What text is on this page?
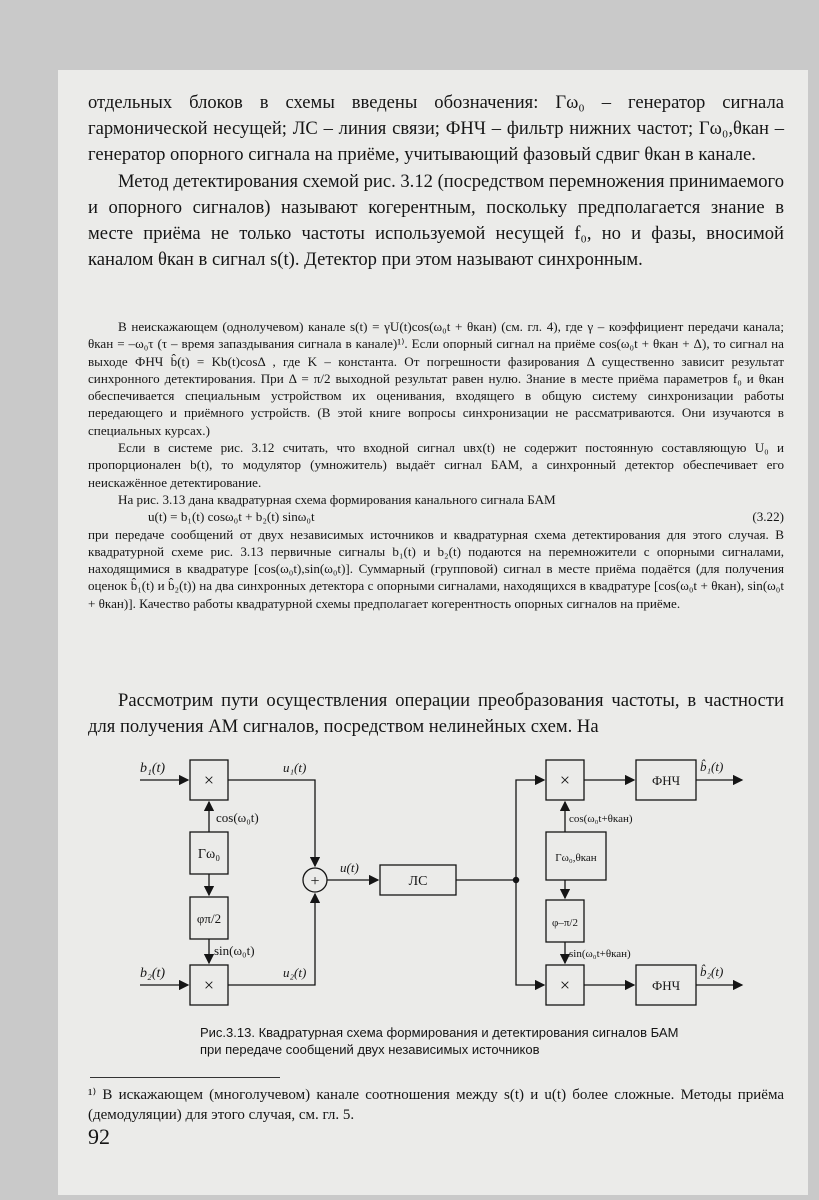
отдельных блоков в схемы введены обозначения: Гω₀ – генератор сигнала гармонической несущей; ЛС – линия связи; ФНЧ – фильтр нижних частот; Гω₀,θкан – генератор опорного сигнала на приёме, учитывающий фазовый сдвиг θкан в канале.

Метод детектирования схемой рис. 3.12 (посредством перемножения принимаемого и опорного сигналов) называют когерентным, поскольку предполагается знание в месте приёма не только частоты используемой несущей f₀, но и фазы, вносимой каналом θкан в сигнал s(t). Детектор при этом называют синхронным.

В неискажающем (однолучевом) канале s(t) = γU(t)cos(ω₀t + θкан) (см. гл. 4), где γ – коэффициент передачи канала; θкан = –ω₀τ (τ – время запаздывания сигнала в канале)¹⁾. Если опорный сигнал на приёме cos(ω₀t + θкан + Δ), то сигнал на выходе ФНЧ b̂(t) = Kb(t)cosΔ , где K – константа. От погрешности фазирования Δ существенно зависит результат синхронного детектирования. При Δ = π/2 выходной результат равен нулю. Знание в месте приёма параметров f₀ и θкан обеспечивается специальным устройством их оценивания, входящего в общую систему синхронизации работы передающего и приёмного устройств. (В этой книге вопросы синхронизации не рассматриваются. Они изучаются в специальных курсах.)

Если в системе рис. 3.12 считать, что входной сигнал uвх(t) не содержит постоянную составляющую U₀ и пропорционален b(t), то модулятор (умножитель) выдаёт сигнал БАМ, а синхронный детектор обеспечивает его неискажённое детектирование.

На рис. 3.13 дана квадратурная схема формирования канального сигнала БАМ

u(t) = b₁(t) cosω₀t + b₂(t) sinω₀t	(3.22)

при передаче сообщений от двух независимых источников и квадратурная схема детектирования для этого случая. В квадратурной схеме рис. 3.13 первичные сигналы b₁(t) и b₂(t) подаются на перемножители с опорными сигналами, находящимися в квадратуре [cos(ω₀t),sin(ω₀t)]. Суммарный (групповой) сигнал в месте приёма подаётся (для получения оценок b̂₁(t) и b̂₂(t)) на два синхронных детектора с опорными сигналами, находящихся в квадратуре [cos(ω₀t + θкан), sin(ω₀t + θкан)]. Качество работы квадратурной схемы предполагает когерентность опорных сигналов на приёме.

Рассмотрим пути осуществления операции преобразования частоты, в частности для получения АМ сигналов, посредством нелинейных схем. На

b₁(t)
b₂(t)
×
×
Гω₀
φπ/2
cos(ω₀t)
sin(ω₀t)
u₁(t)
u₂(t)
+
u(t)
ЛС
×
×
Гω₀,θкан
φ–π/2
cos(ω₀t+θкан)
sin(ω₀t+θкан)
ФНЧ
ФНЧ
b̂₁(t)
b̂₂(t)
Рис.3.13. Квадратурная схема формирования и детектирования сигналов БАМ
при передаче сообщений двух независимых источников
¹⁾ В искажающем (многолучевом) канале соотношения между s(t) и u(t) более сложные. Методы приёма (демодуляции) для этого случая, см. гл. 5.
92
